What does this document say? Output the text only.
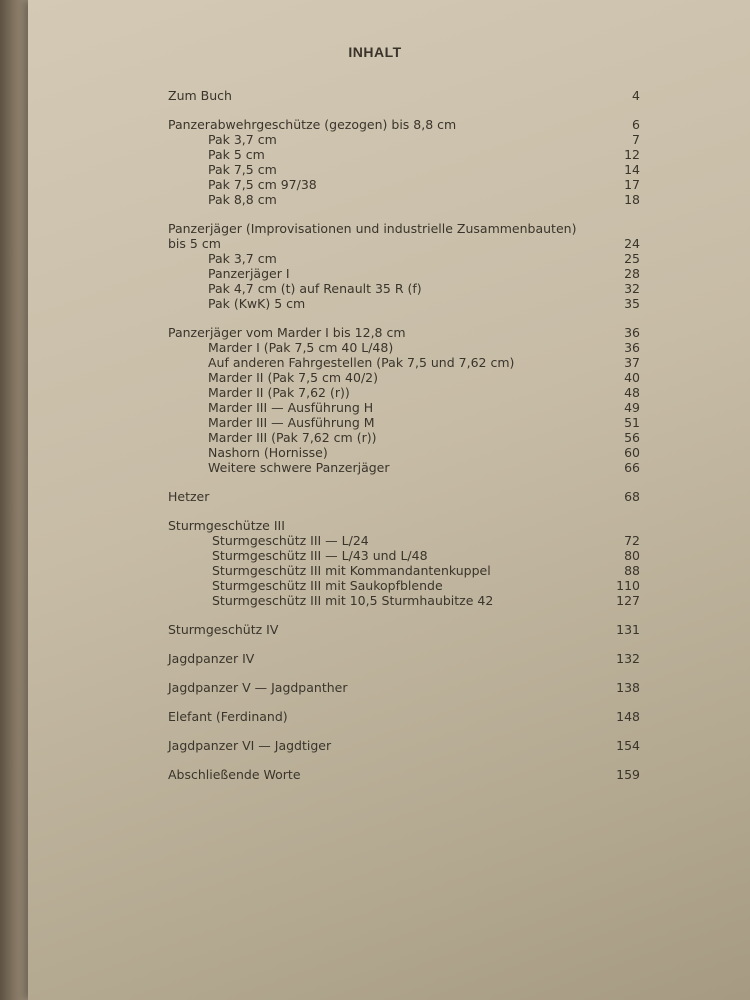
INHALT
Zum Buch	4
Panzerabwehrgeschütze (gezogen) bis 8,8 cm	6
Pak 3,7 cm	7
Pak 5 cm	12
Pak 7,5 cm	14
Pak 7,5 cm 97/38	17
Pak 8,8 cm	18
Panzerjäger (Improvisationen und industrielle Zusammenbauten)
bis 5 cm	24
Pak 3,7 cm	25
Panzerjäger I	28
Pak 4,7 cm (t) auf Renault 35 R (f)	32
Pak (KwK) 5 cm	35
Panzerjäger vom Marder I bis 12,8 cm	36
Marder I (Pak 7,5 cm 40 L/48)	36
Auf anderen Fahrgestellen (Pak 7,5 und 7,62 cm)	37
Marder II (Pak 7,5 cm 40/2)	40
Marder II (Pak 7,62 (r))	48
Marder III — Ausführung H	49
Marder III — Ausführung M	51
Marder III (Pak 7,62 cm (r))	56
Nashorn (Hornisse)	60
Weitere schwere Panzerjäger	66
Hetzer	68
Sturmgeschütze III
Sturmgeschütz III — L/24	72
Sturmgeschütz III — L/43 und L/48	80
Sturmgeschütz III mit Kommandantenkuppel	88
Sturmgeschütz III mit Saukopfblende	110
Sturmgeschütz III mit 10,5 Sturmhaubitze 42	127
Sturmgeschütz IV	131
Jagdpanzer IV	132
Jagdpanzer V — Jagdpanther	138
Elefant (Ferdinand)	148
Jagdpanzer VI — Jagdtiger	154
Abschließende Worte	159
